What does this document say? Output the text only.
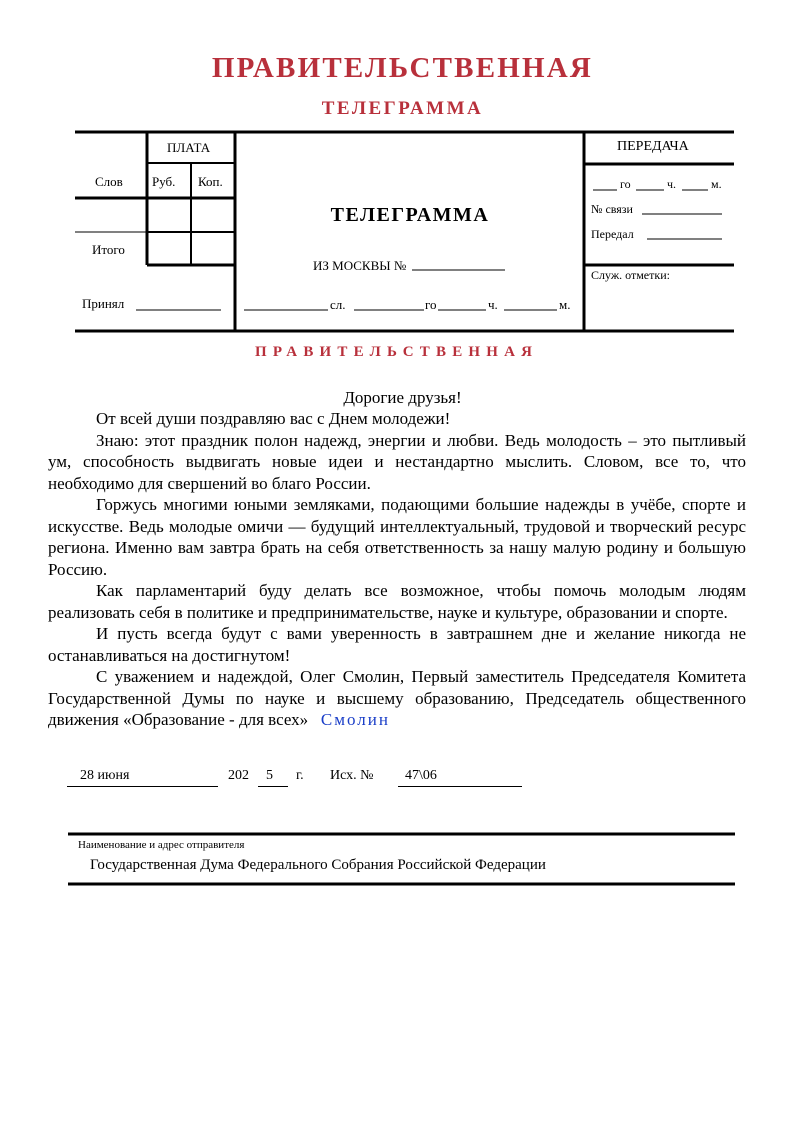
ПРАВИТЕЛЬСТВЕННАЯ
ТЕЛЕГРАММА
ПЛАТА
Слов Руб. Коп.
Итого
Принял
ТЕЛЕГРАММА
ИЗ МОСКВЫ №
сл.	го	ч.	м.
ПЕРЕДАЧА
го	ч.	м.
№ связи
Передал
Служ. отметки:
ПРАВИТЕЛЬСТВЕННАЯ
Дорогие друзья!

От всей души поздравляю вас с Днем молодежи!

Знаю: этот праздник полон надежд, энергии и любви. Ведь молодость – это пытливый ум, способность выдвигать новые идеи и нестандартно мыслить. Словом, все то, что необходимо для свершений во благо России.

Горжусь многими юными земляками, подающими большие надежды в учёбе, спорте и искусстве. Ведь молодые омичи — будущий интеллектуальный, трудовой и творческий ресурс региона. Именно вам завтра брать на себя ответственность за нашу малую родину и большую Россию.

Как парламентарий буду делать все возможное, чтобы помочь молодым людям реализовать себя в политике и предпринимательстве, науке и культуре, образовании и спорте.

И пусть всегда будут с вами уверенность в завтрашнем дне и желание никогда не останавливаться на достигнутом!

С уважением и надеждой, Олег Смолин, Первый заместитель Председателя Комитета Государственной Думы по науке и высшему образованию, Председатель общественного движения «Образование - для всех» Смолин

28 июня	202 5 г. Исх. № 47\06
Наименование и адрес отправителя
Государственная Дума Федерального Собрания Российской Федерации
